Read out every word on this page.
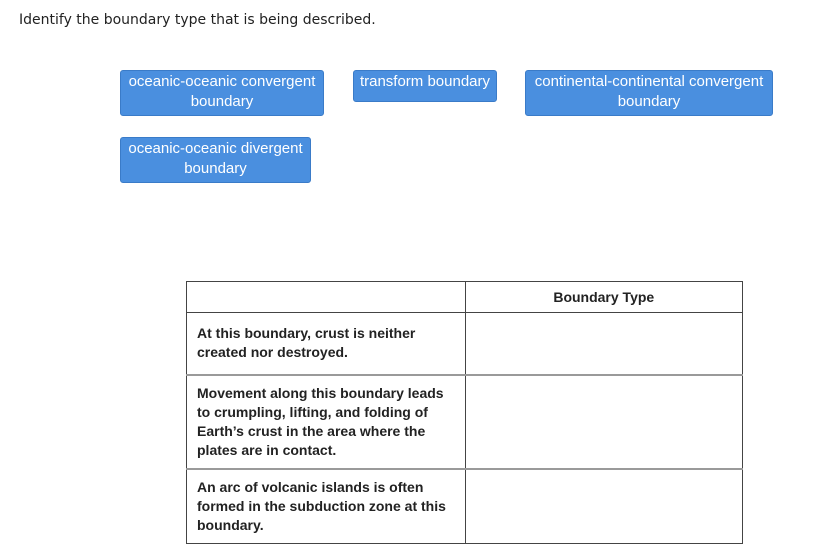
Identify the boundary type that is being described.
oceanic-oceanic convergent boundary
transform boundary	continental-continental convergent boundary
oceanic-oceanic divergent boundary
	Boundary Type
At this boundary, crust is neither created nor destroyed.	
Movement along this boundary leads to crumpling, lifting, and folding of Earth’s crust in the area where the plates are in contact.	
An arc of volcanic islands is often formed in the subduction zone at this boundary.	
